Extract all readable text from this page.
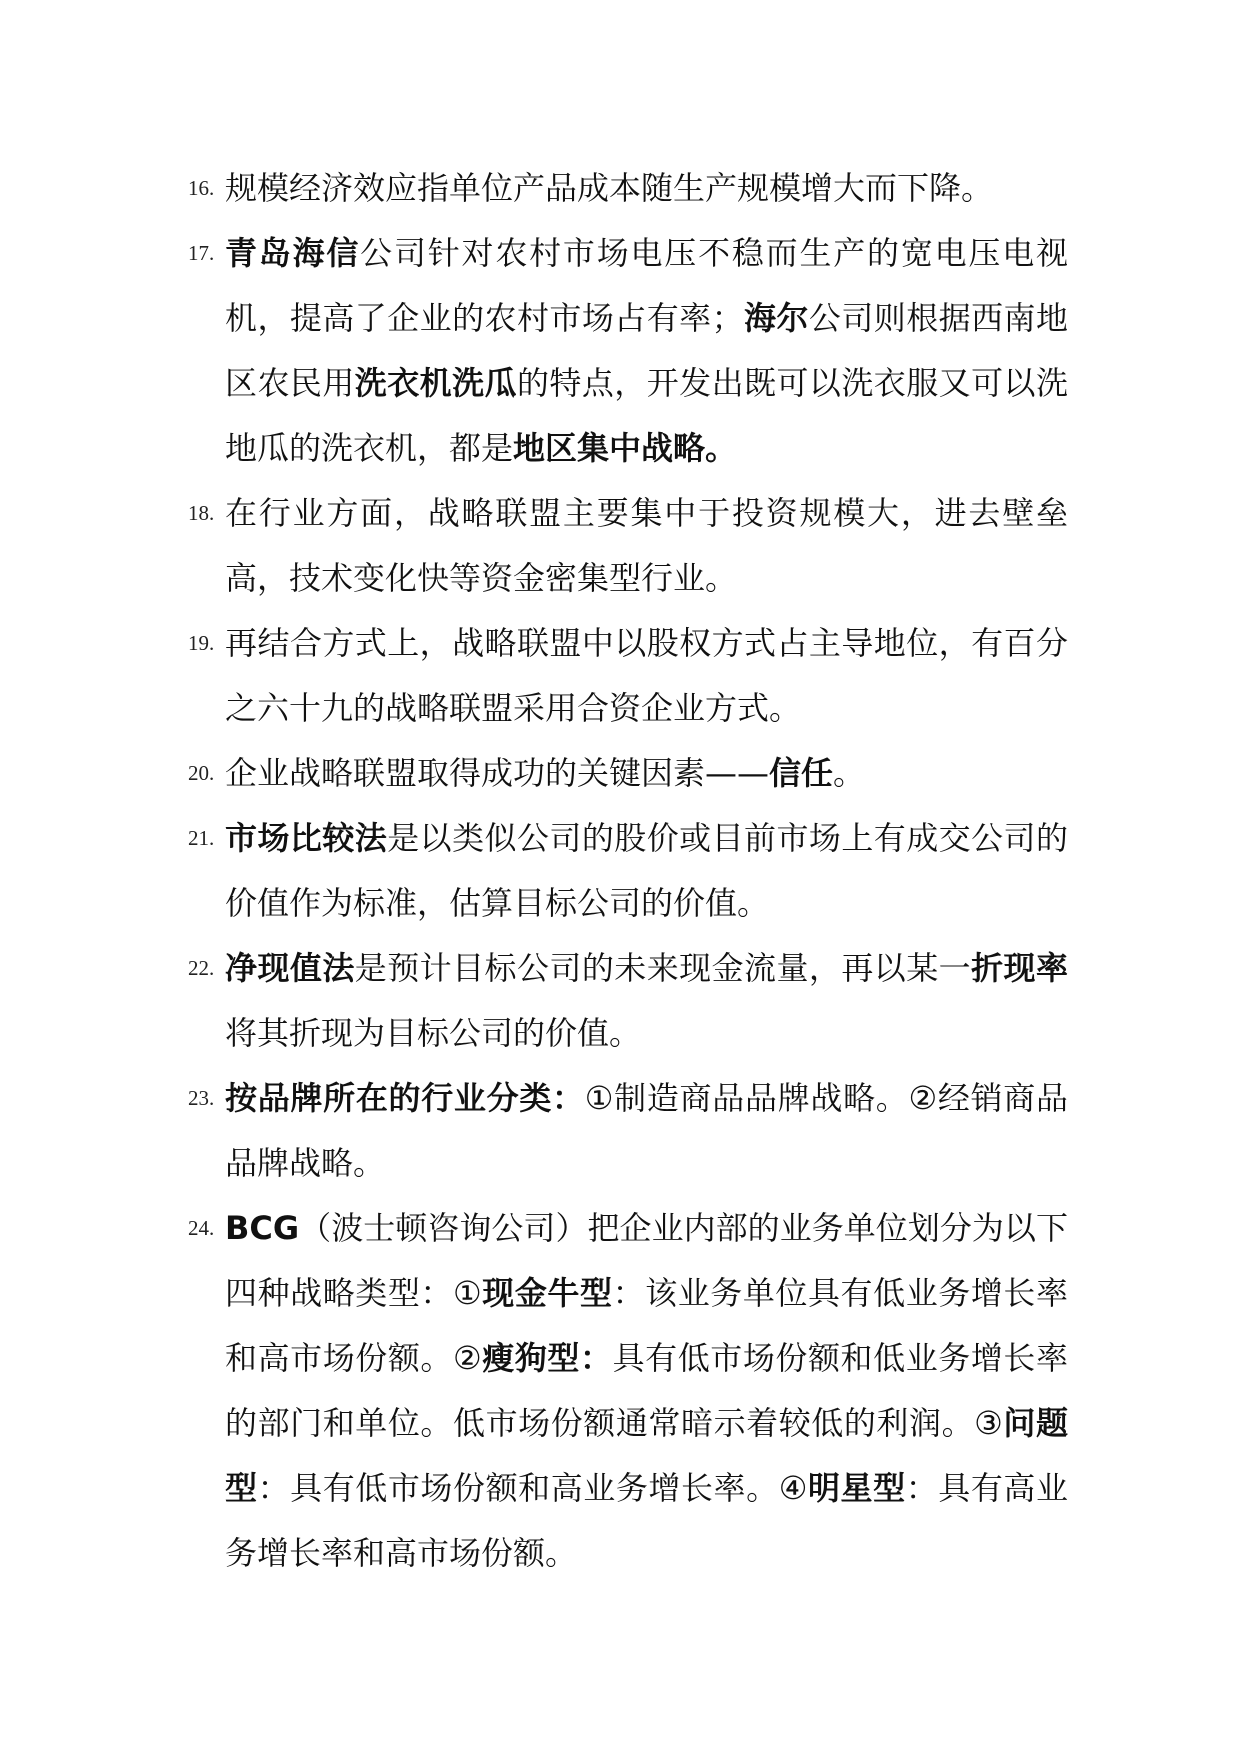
16. 规模经济效应指单位产品成本随生产规模增大而下降。
17. 青岛海信公司针对农村市场电压不稳而生产的宽电压电视机，提高了企业的农村市场占有率；海尔公司则根据西南地区农民用洗衣机洗瓜的特点，开发出既可以洗衣服又可以洗地瓜的洗衣机，都是地区集中战略。
18. 在行业方面，战略联盟主要集中于投资规模大，进去壁垒高，技术变化快等资金密集型行业。
19. 再结合方式上，战略联盟中以股权方式占主导地位，有百分之六十九的战略联盟采用合资企业方式。
20. 企业战略联盟取得成功的关键因素——信任。
21. 市场比较法是以类似公司的股价或目前市场上有成交公司的价值作为标准，估算目标公司的价值。
22. 净现值法是预计目标公司的未来现金流量，再以某一折现率将其折现为目标公司的价值。
23. 按品牌所在的行业分类：①制造商品品牌战略。②经销商品品牌战略。
24. BCG（波士顿咨询公司）把企业内部的业务单位划分为以下四种战略类型：①现金牛型：该业务单位具有低业务增长率和高市场份额。②瘦狗型：具有低市场份额和低业务增长率的部门和单位。低市场份额通常暗示着较低的利润。③问题型：具有低市场份额和高业务增长率。④明星型：具有高业务增长率和高市场份额。
